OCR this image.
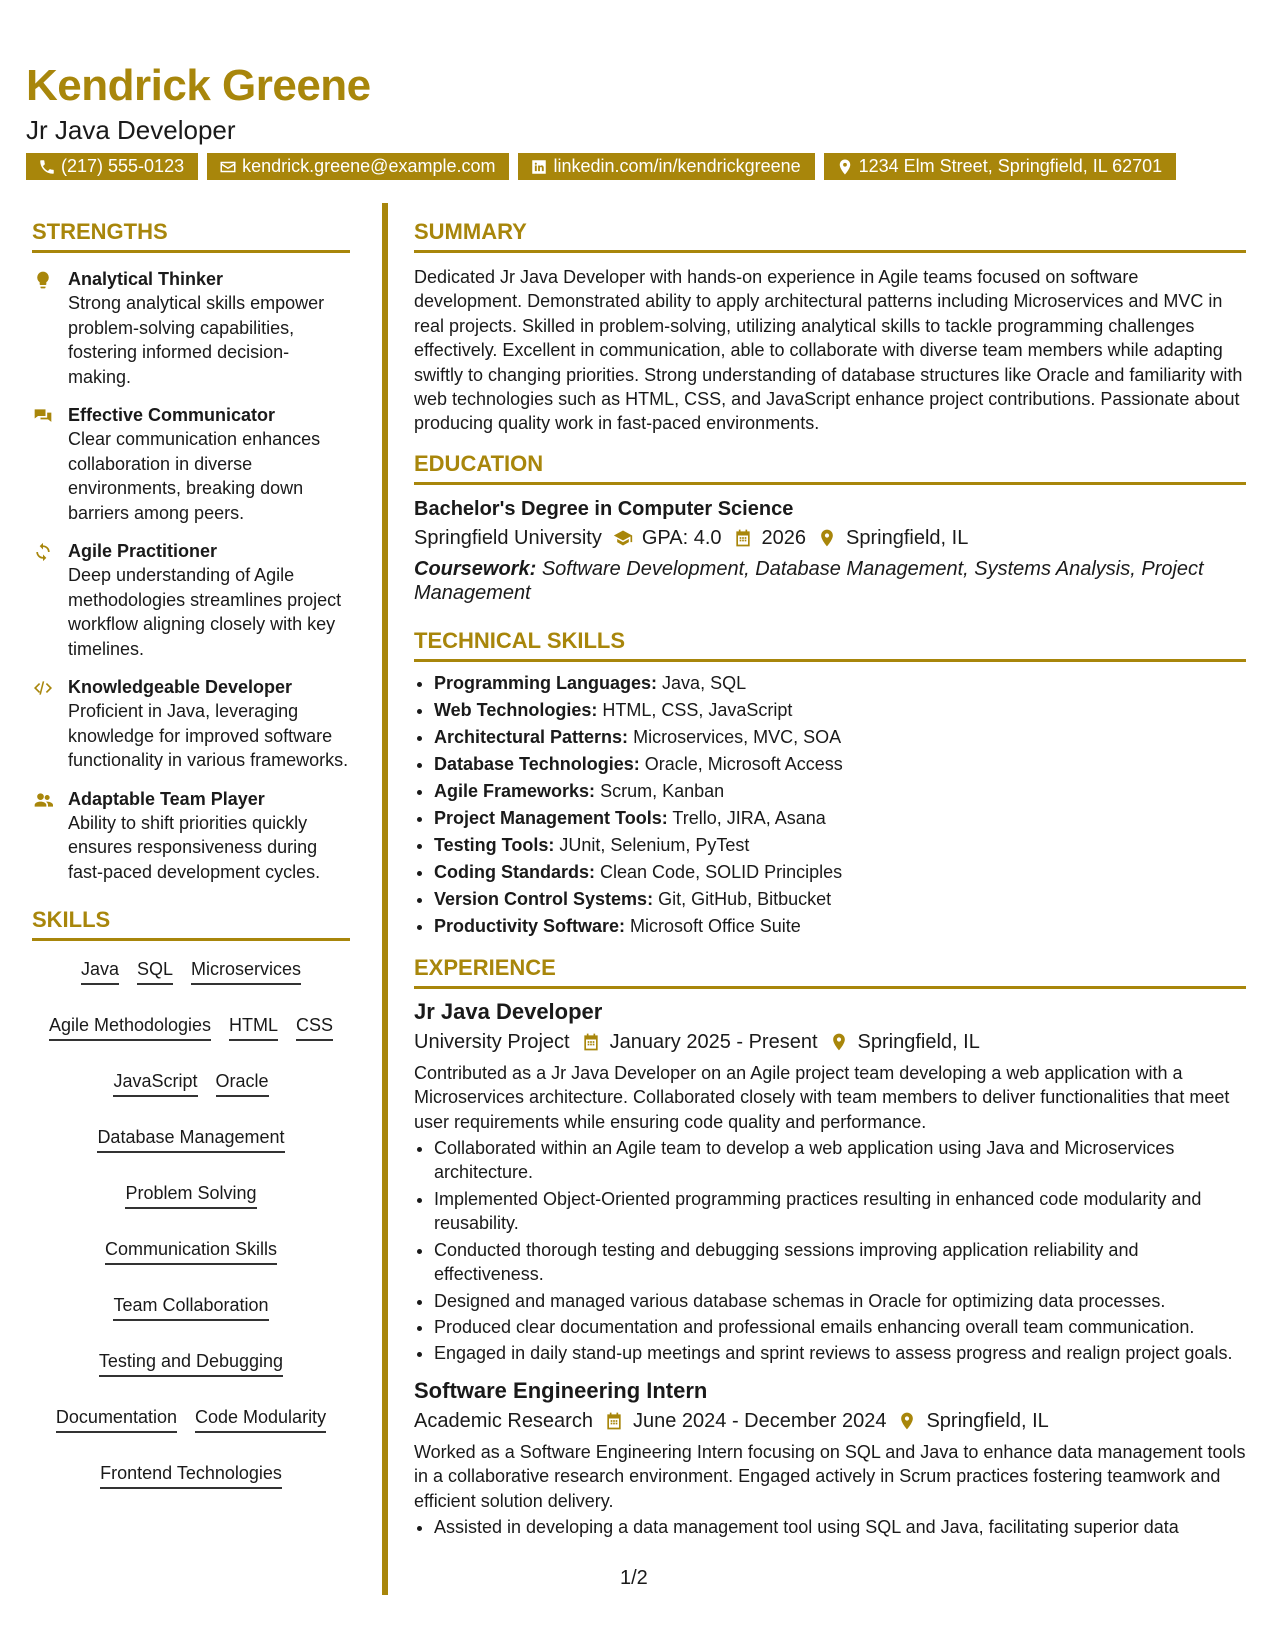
Kendrick Greene
Jr Java Developer
(217) 555-0123	kendrick.greene@example.com	linkedin.com/in/kendrickgreene	1234 Elm Street, Springfield, IL 62701
STRENGTHS
Analytical Thinker
Strong analytical skills empower problem-solving capabilities, fostering informed decision-making.
Effective Communicator
Clear communication enhances collaboration in diverse environments, breaking down barriers among peers.
Agile Practitioner
Deep understanding of Agile methodologies streamlines project workflow aligning closely with key timelines.
Knowledgeable Developer
Proficient in Java, leveraging knowledge for improved software functionality in various frameworks.
Adaptable Team Player
Ability to shift priorities quickly ensures responsiveness during fast-paced development cycles.
SKILLS
Java SQL Microservices
Agile Methodologies HTML CSS
JavaScript Oracle
Database Management
Problem Solving
Communication Skills
Team Collaboration
Testing and Debugging
Documentation Code Modularity
Frontend Technologies
SUMMARY
Dedicated Jr Java Developer with hands-on experience in Agile teams focused on software development. Demonstrated ability to apply architectural patterns including Microservices and MVC in real projects. Skilled in problem-solving, utilizing analytical skills to tackle programming challenges effectively. Excellent in communication, able to collaborate with diverse team members while adapting swiftly to changing priorities. Strong understanding of database structures like Oracle and familiarity with web technologies such as HTML, CSS, and JavaScript enhance project contributions. Passionate about producing quality work in fast-paced environments.
EDUCATION
Bachelor's Degree in Computer Science
Springfield University GPA: 4.0 2026 Springfield, IL
Coursework: Software Development, Database Management, Systems Analysis, Project Management
TECHNICAL SKILLS
• Programming Languages: Java, SQL
• Web Technologies: HTML, CSS, JavaScript
• Architectural Patterns: Microservices, MVC, SOA
• Database Technologies: Oracle, Microsoft Access
• Agile Frameworks: Scrum, Kanban
• Project Management Tools: Trello, JIRA, Asana
• Testing Tools: JUnit, Selenium, PyTest
• Coding Standards: Clean Code, SOLID Principles
• Version Control Systems: Git, GitHub, Bitbucket
• Productivity Software: Microsoft Office Suite
EXPERIENCE
Jr Java Developer
University Project January 2025 - Present Springfield, IL
Contributed as a Jr Java Developer on an Agile project team developing a web application with a Microservices architecture. Collaborated closely with team members to deliver functionalities that meet user requirements while ensuring code quality and performance.
• Collaborated within an Agile team to develop a web application using Java and Microservices architecture.
• Implemented Object-Oriented programming practices resulting in enhanced code modularity and reusability.
• Conducted thorough testing and debugging sessions improving application reliability and effectiveness.
• Designed and managed various database schemas in Oracle for optimizing data processes.
• Produced clear documentation and professional emails enhancing overall team communication.
• Engaged in daily stand-up meetings and sprint reviews to assess progress and realign project goals.
Software Engineering Intern
Academic Research June 2024 - December 2024 Springfield, IL
Worked as a Software Engineering Intern focusing on SQL and Java to enhance data management tools in a collaborative research environment. Engaged actively in Scrum practices fostering teamwork and efficient solution delivery.
• Assisted in developing a data management tool using SQL and Java, facilitating superior data
1/2
